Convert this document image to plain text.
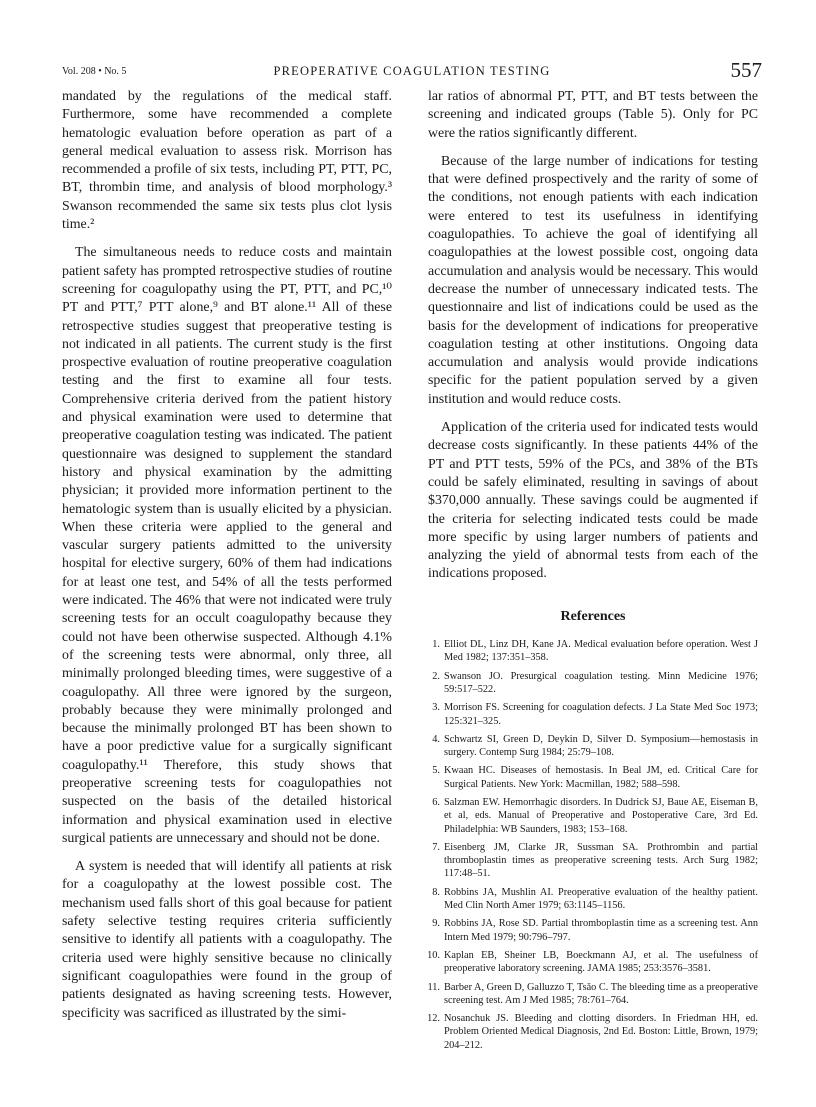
Vol. 208 • No. 5	PREOPERATIVE COAGULATION TESTING	557

mandated by the regulations of the medical staff. Furthermore, some have recommended a complete hematologic evaluation before operation as part of a general medical evaluation to assess risk. Morrison has recommended a profile of six tests, including PT, PTT, PC, BT, thrombin time, and analysis of blood morphology.³ Swanson recommended the same six tests plus clot lysis time.²

The simultaneous needs to reduce costs and maintain patient safety has prompted retrospective studies of routine screening for coagulopathy using the PT, PTT, and PC,¹⁰ PT and PTT,⁷ PTT alone,⁹ and BT alone.¹¹ All of these retrospective studies suggest that preoperative testing is not indicated in all patients. The current study is the first prospective evaluation of routine preoperative coagulation testing and the first to examine all four tests. Comprehensive criteria derived from the patient history and physical examination were used to determine that preoperative coagulation testing was indicated. The patient questionnaire was designed to supplement the standard history and physical examination by the admitting physician; it provided more information pertinent to the hematologic system than is usually elicited by a physician. When these criteria were applied to the general and vascular surgery patients admitted to the university hospital for elective surgery, 60% of them had indications for at least one test, and 54% of all the tests performed were indicated. The 46% that were not indicated were truly screening tests for an occult coagulopathy because they could not have been otherwise suspected. Although 4.1% of the screening tests were abnormal, only three, all minimally prolonged bleeding times, were suggestive of a coagulopathy. All three were ignored by the surgeon, probably because they were minimally prolonged and because the minimally prolonged BT has been shown to have a poor predictive value for a surgically significant coagulopathy.¹¹ Therefore, this study shows that preoperative screening tests for coagulopathies not suspected on the basis of the detailed historical information and physical examination used in elective surgical patients are unnecessary and should not be done.

A system is needed that will identify all patients at risk for a coagulopathy at the lowest possible cost. The mechanism used falls short of this goal because for patient safety selective testing requires criteria sufficiently sensitive to identify all patients with a coagulopathy. The criteria used were highly sensitive because no clinically significant coagulopathies were found in the group of patients designated as having screening tests. However, specificity was sacrificed as illustrated by the simi-

lar ratios of abnormal PT, PTT, and BT tests between the screening and indicated groups (Table 5). Only for PC were the ratios significantly different.

Because of the large number of indications for testing that were defined prospectively and the rarity of some of the conditions, not enough patients with each indication were entered to test its usefulness in identifying coagulopathies. To achieve the goal of identifying all coagulopathies at the lowest possible cost, ongoing data accumulation and analysis would be necessary. This would decrease the number of unnecessary indicated tests. The questionnaire and list of indications could be used as the basis for the development of indications for preoperative coagulation testing at other institutions. Ongoing data accumulation and analysis would provide indications specific for the patient population served by a given institution and would reduce costs.

Application of the criteria used for indicated tests would decrease costs significantly. In these patients 44% of the PT and PTT tests, 59% of the PCs, and 38% of the BTs could be safely eliminated, resulting in savings of about $370,000 annually. These savings could be augmented if the criteria for selecting indicated tests could be made more specific by using larger numbers of patients and analyzing the yield of abnormal tests from each of the indications proposed.

References
1. Elliot DL, Linz DH, Kane JA. Medical evaluation before operation. West J Med 1982; 137:351–358.
2. Swanson JO. Presurgical coagulation testing. Minn Medicine 1976; 59:517–522.
3. Morrison FS. Screening for coagulation defects. J La State Med Soc 1973; 125:321–325.
4. Schwartz SI, Green D, Deykin D, Silver D. Symposium—hemostasis in surgery. Contemp Surg 1984; 25:79–108.
5. Kwaan HC. Diseases of hemostasis. In Beal JM, ed. Critical Care for Surgical Patients. New York: Macmillan, 1982; 588–598.
6. Salzman EW. Hemorrhagic disorders. In Dudrick SJ, Baue AE, Eiseman B, et al, eds. Manual of Preoperative and Postoperative Care, 3rd Ed. Philadelphia: WB Saunders, 1983; 153–168.
7. Eisenberg JM, Clarke JR, Sussman SA. Prothrombin and partial thromboplastin times as preoperative screening tests. Arch Surg 1982; 117:48–51.
8. Robbins JA, Mushlin AI. Preoperative evaluation of the healthy patient. Med Clin North Amer 1979; 63:1145–1156.
9. Robbins JA, Rose SD. Partial thromboplastin time as a screening test. Ann Intern Med 1979; 90:796–797.
10. Kaplan EB, Sheiner LB, Boeckmann AJ, et al. The usefulness of preoperative laboratory screening. JAMA 1985; 253:3576–3581.
11. Barber A, Green D, Galluzzo T, Tsǎo C. The bleeding time as a preoperative screening test. Am J Med 1985; 78:761–764.
12. Nosanchuk JS. Bleeding and clotting disorders. In Friedman HH, ed. Problem Oriented Medical Diagnosis, 2nd Ed. Boston: Little, Brown, 1979; 204–212.
